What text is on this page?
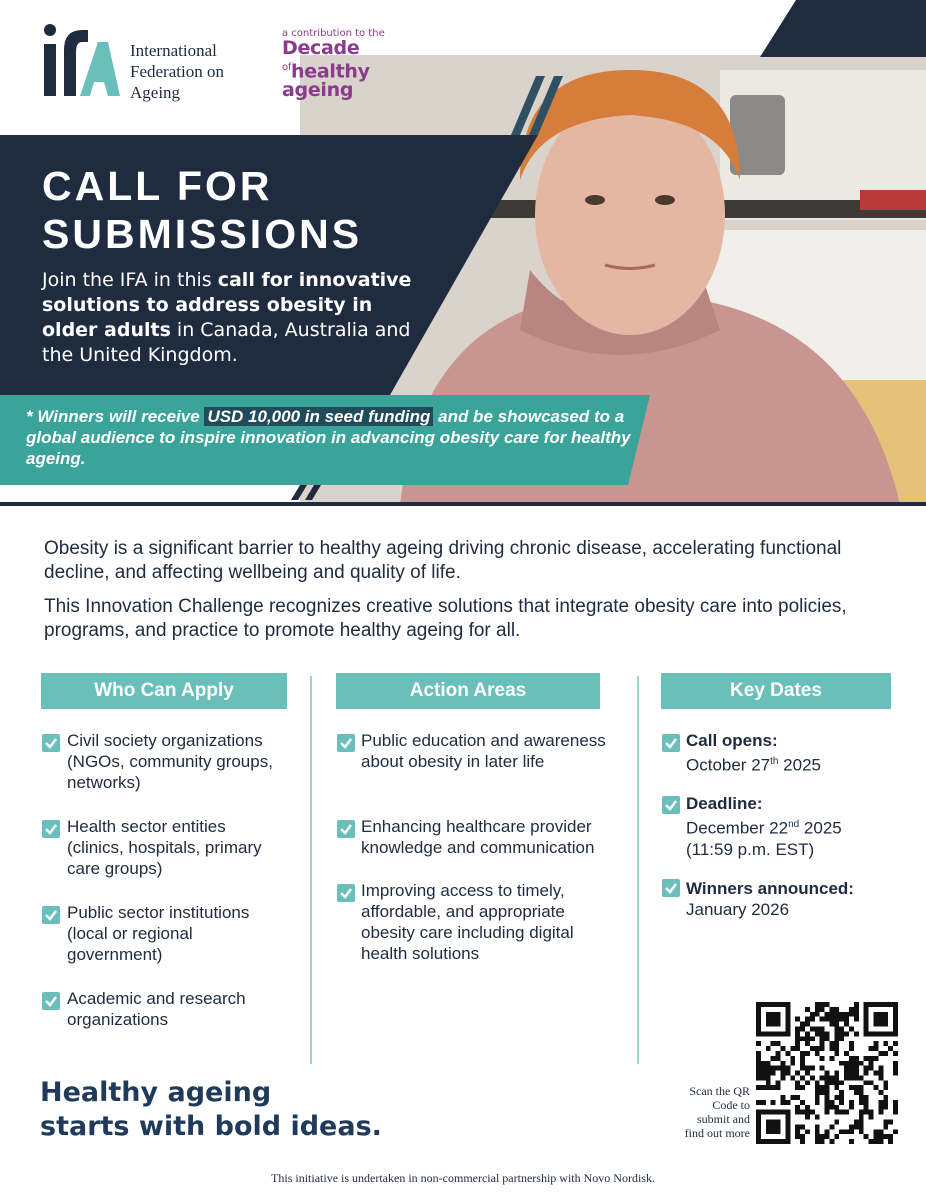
International
Federation on
Ageing
a contribution to the
Decade
$^{of}$healthy
ageing
CALL FOR
SUBMISSIONS
Join the IFA in this call for innovative solutions to address obesity in older adults in Canada, Australia and the United Kingdom.
* Winners will receive USD 10,000 in seed funding and be showcased to a global audience to inspire innovation in advancing obesity care for healthy ageing.
Obesity is a significant barrier to healthy ageing driving chronic disease, accelerating functional decline, and affecting wellbeing and quality of life.
This Innovation Challenge recognizes creative solutions that integrate obesity care into policies, programs, and practice to promote healthy ageing for all.
Who Can Apply	Action Areas	Key Dates
Civil society organizations (NGOs, community groups, networks)
Health sector entities (clinics, hospitals, primary care groups)
Public sector institutions (local or regional government)
Academic and research organizations
Public education and awareness about obesity in later life
Enhancing healthcare provider knowledge and communication
Improving access to timely, affordable, and appropriate obesity care including digital health solutions
Call opens:
October 27th 2025
Deadline:
December 22nd 2025
(11:59 p.m. EST)
Winners announced:
January 2026
Healthy ageing
starts with bold ideas.
Scan the QR Code to submit and find out more
This initiative is undertaken in non-commercial partnership with Novo Nordisk.
